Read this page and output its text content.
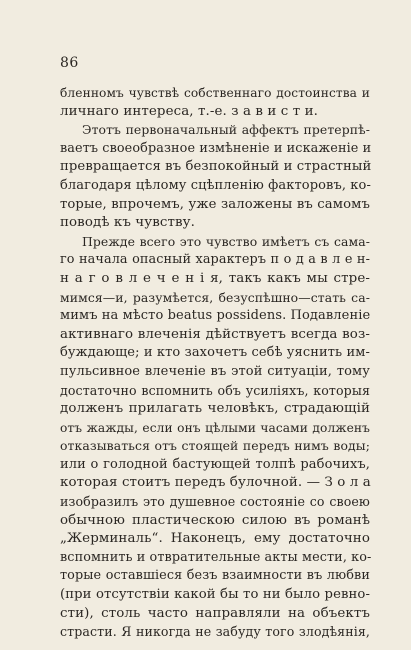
86
бленномъ чувствѣ собственнаго достоинства и
личнаго интереса, т.-е. з а в и с т и.
Этотъ первоначальный аффектъ претерпѣ-
ваетъ своеобразное измѣненіе и искаженіе и
превращается въ безпокойный и страстный
благодаря цѣлому сцѣпленію факторовъ, ко-
торые, впрочемъ, уже заложены въ самомъ
поводѣ къ чувству.
Прежде всего это чувство имѣетъ съ сама-
го начала опасный характеръ п о д а в л е н-
н а г о в л е ч е н і я, такъ какъ мы стре-
мимся—и, разумѣется, безуспѣшно—стать са-
мимъ на мѣсто beatus possidens. Подавленіе
активнаго влеченія дѣйствуетъ всегда воз-
буждающе; и кто захочетъ себѣ уяснить им-
пульсивное влеченіе въ этой ситуаціи, тому
достаточно вспомнить объ усиліяхъ, которыя
долженъ прилагать человѣкъ, страдающій
отъ жажды, если онъ цѣлыми часами долженъ
отказываться отъ стоящей передъ нимъ воды;
или о голодной бастующей толпѣ рабочихъ,
которая стоитъ передъ булочной. — З о л а
изобразилъ это душевное состояніе со своею
обычною пластическою силою въ романѣ
„Жерминаль“. Наконецъ, ему достаточно
вспомнить и отвратительные акты мести, ко-
торые оставшіеся безъ взаимности въ любви
(при отсутствіи какой бы то ни было ревно-
сти), столь часто направляли на объектъ
страсти. Я никогда не забуду того злодѣянія,
